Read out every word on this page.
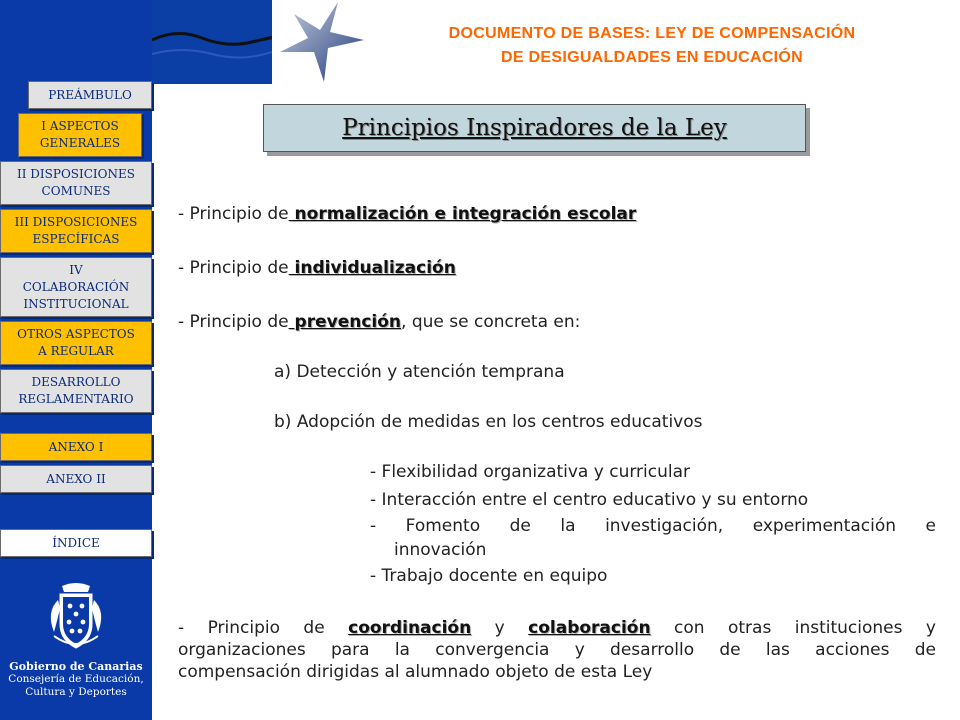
DOCUMENTO DE BASES: LEY DE COMPENSACIÓN
DE DESIGUALDADES EN EDUCACIÓN
PREÁMBULO
I ASPECTOS
GENERALES
II DISPOSICIONES
COMUNES
III DISPOSICIONES
ESPECÍFICAS
IV
COLABORACIÓN
INSTITUCIONAL
OTROS ASPECTOS
A REGULAR
DESARROLLO
REGLAMENTARIO
ANEXO I
ANEXO II
ÍNDICE
Gobierno de Canarias
Consejería de Educación,
Cultura y Deportes
Principios Inspiradores de la Ley
- Principio de normalización e integración escolar
- Principio de individualización
- Principio de prevención, que se concreta en:
a) Detección y atención temprana
b) Adopción de medidas en los centros educativos
- Flexibilidad organizativa y curricular
- Interacción entre el centro educativo y su entorno
- Fomento de la investigación, experimentación e
innovación
- Trabajo docente en equipo
- Principio de coordinación y colaboración con otras instituciones y
organizaciones para la convergencia y desarrollo de las acciones de
compensación dirigidas al alumnado objeto de esta Ley
